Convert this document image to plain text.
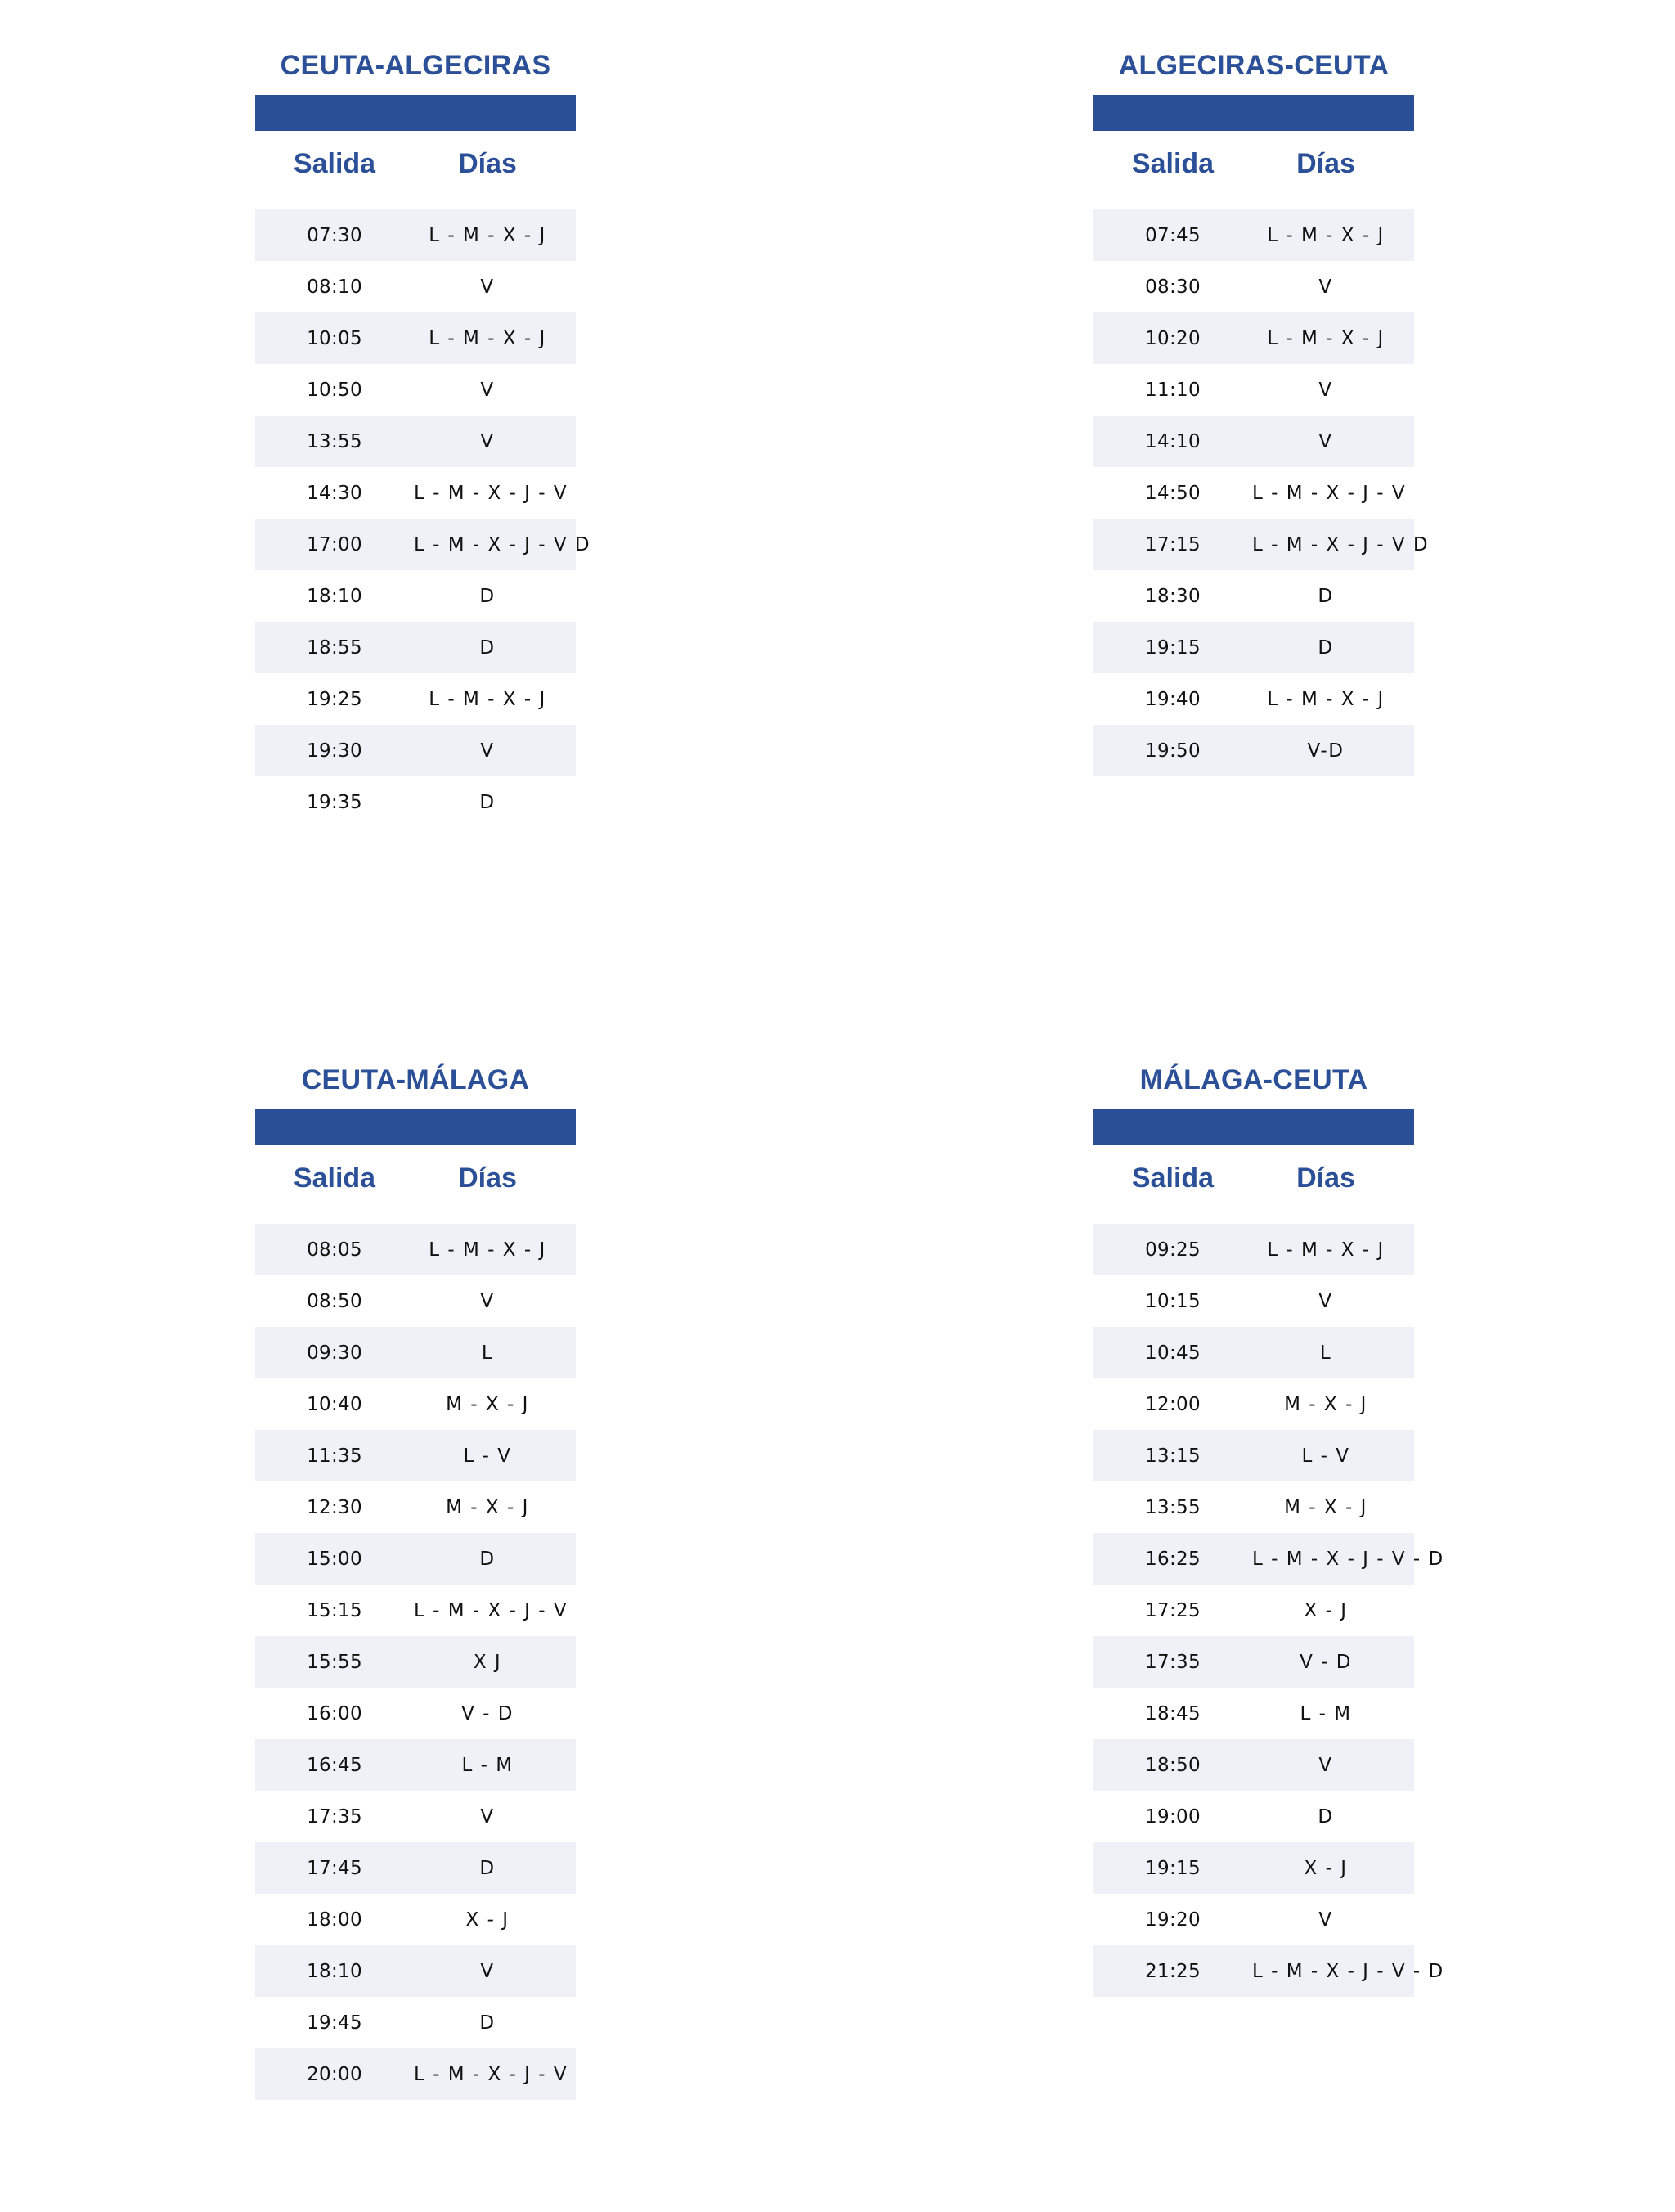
CEUTA-ALGECIRAS
Salida	Días
07:30	L - M - X - J
08:10	V
10:05	L - M - X - J
10:50	V
13:55	V
14:30	L - M - X - J - V
17:00	L - M - X - J - V D
18:10	D
18:55	D
19:25	L - M - X - J
19:30	V
19:35	D
ALGECIRAS-CEUTA
Salida	Días
07:45	L - M - X - J
08:30	V
10:20	L - M - X - J
11:10	V
14:10	V
14:50	L - M - X - J - V
17:15	L - M - X - J - V D
18:30	D
19:15	D
19:40	L - M - X - J
19:50	V-D
CEUTA-MÁLAGA
Salida	Días
08:05	L - M - X - J
08:50	V
09:30	L
10:40	M - X - J
11:35	L - V
12:30	M - X - J
15:00	D
15:15	L - M - X - J - V
15:55	X J
16:00	V - D
16:45	L - M
17:35	V
17:45	D
18:00	X - J
18:10	V
19:45	D
20:00	L - M - X - J - V
MÁLAGA-CEUTA
Salida	Días
09:25	L - M - X - J
10:15	V
10:45	L
12:00	M - X - J
13:15	L - V
13:55	M - X - J
16:25	L - M - X - J - V - D
17:25	X - J
17:35	V - D
18:45	L - M
18:50	V
19:00	D
19:15	X - J
19:20	V
21:25	L - M - X - J - V - D
